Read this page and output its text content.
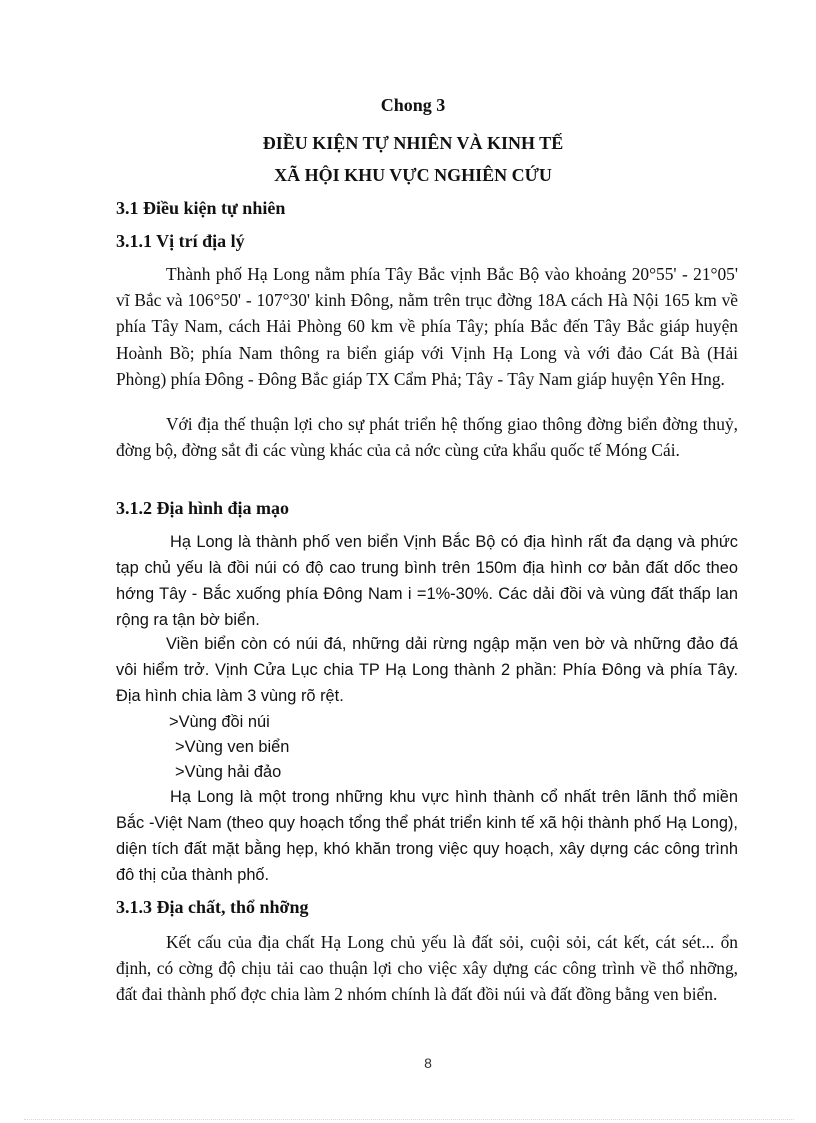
Chong 3
ĐIỀU KIỆN TỰ NHIÊN VÀ KINH TẾ
XÃ HỘI KHU VỰC NGHIÊN CỨU
3.1 Điều kiện tự nhiên
3.1.1 Vị trí địa lý

Thành phố Hạ Long nằm phía Tây Bắc vịnh Bắc Bộ vào khoảng 20°55' - 21°05' vĩ Bắc và 106°50' - 107°30' kinh Đông, nằm trên trục đờng 18A cách Hà Nội 165 km về phía Tây Nam, cách Hải Phòng 60 km về phía Tây; phía Bắc đến Tây Bắc giáp huyện Hoành Bồ; phía Nam thông ra biển giáp với Vịnh Hạ Long và với đảo Cát Bà (Hải Phòng) phía Đông - Đông Bắc giáp TX Cẩm Phả; Tây - Tây Nam giáp huyện Yên Hng.

Với địa thế thuận lợi cho sự phát triển hệ thống giao thông đờng biển đờng thuỷ, đờng bộ, đờng sắt đi các vùng khác của cả nớc cùng cửa khẩu quốc tế Móng Cái.

3.1.2 Địa hình địa mạo

Hạ Long là thành phố ven biển Vịnh Bắc Bộ có địa hình rất đa dạng và phức tạp chủ yếu là đồi núi có độ cao trung bình trên 150m địa hình cơ bản đất dốc theo hớng Tây - Bắc xuống phía Đông Nam i =1%-30%. Các dải đồi và vùng đất thấp lan rộng ra tận bờ biển.

Viền biển còn có núi đá, những dải rừng ngập mặn ven bờ và những đảo đá vôi hiểm trở. Vịnh Cửa Lục chia TP Hạ Long thành 2 phần: Phía Đông và phía Tây. Địa hình chia làm 3 vùng rõ rệt.

>Vùng đồi núi
>Vùng ven biển
>Vùng hải đảo

Hạ Long là một trong những khu vực hình thành cổ nhất trên lãnh thổ miền Bắc -Việt Nam (theo quy hoạch tổng thể phát triển kinh tế xã hội thành phố Hạ Long), diện tích đất mặt bằng hẹp, khó khăn trong việc quy hoạch, xây dựng các công trình đô thị của thành phố.

3.1.3 Địa chất, thổ nhỡng

Kết cấu của địa chất Hạ Long chủ yếu là đất sỏi, cuội sỏi, cát kết, cát sét... ổn định, có cờng độ chịu tải cao thuận lợi cho việc xây dựng các công trình về thổ nhỡng, đất đai thành phố đợc chia làm 2 nhóm chính là đất đồi núi và đất đồng bằng ven biển.

8
